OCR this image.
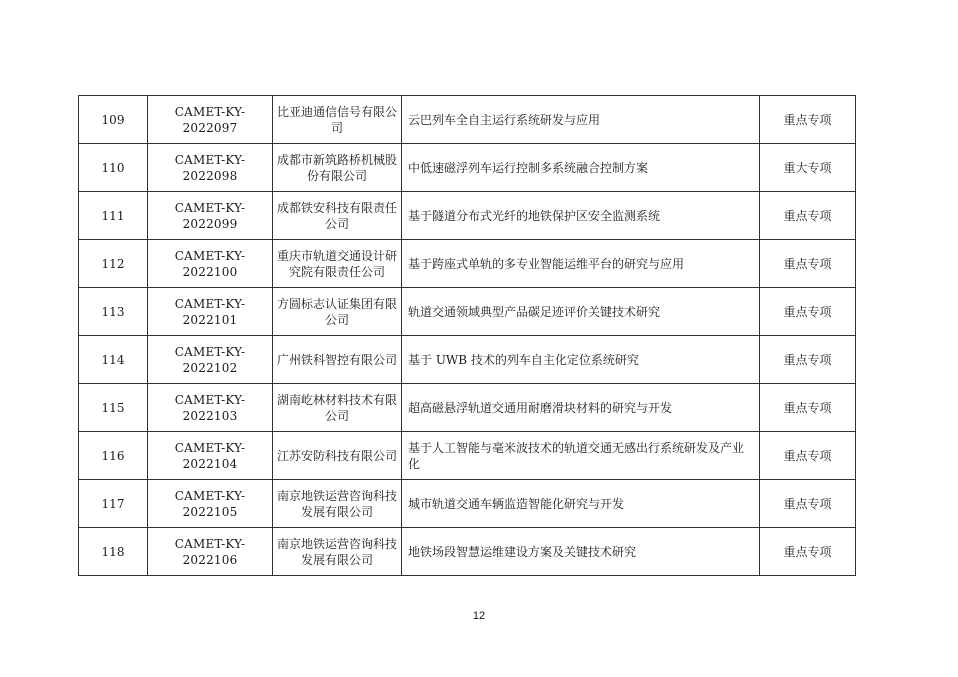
109	CAMET-KY-2022097	比亚迪通信信号有限公司	云巴列车全自主运行系统研发与应用	重点专项
110	CAMET-KY-2022098	成都市新筑路桥机械股份有限公司	中低速磁浮列车运行控制多系统融合控制方案	重大专项
111	CAMET-KY-2022099	成都铁安科技有限责任公司	基于隧道分布式光纤的地铁保护区安全监测系统	重点专项
112	CAMET-KY-2022100	重庆市轨道交通设计研究院有限责任公司	基于跨座式单轨的多专业智能运维平台的研究与应用	重点专项
113	CAMET-KY-2022101	方圆标志认证集团有限公司	轨道交通领域典型产品碳足迹评价关键技术研究	重点专项
114	CAMET-KY-2022102	广州铁科智控有限公司	基于 UWB 技术的列车自主化定位系统研究	重点专项
115	CAMET-KY-2022103	湖南屹林材料技术有限公司	超高磁悬浮轨道交通用耐磨滑块材料的研究与开发	重点专项
116	CAMET-KY-2022104	江苏安防科技有限公司	基于人工智能与毫米波技术的轨道交通无感出行系统研发及产业化	重点专项
117	CAMET-KY-2022105	南京地铁运营咨询科技发展有限公司	城市轨道交通车辆监造智能化研究与开发	重点专项
118	CAMET-KY-2022106	南京地铁运营咨询科技发展有限公司	地铁场段智慧运维建设方案及关键技术研究	重点专项
12
